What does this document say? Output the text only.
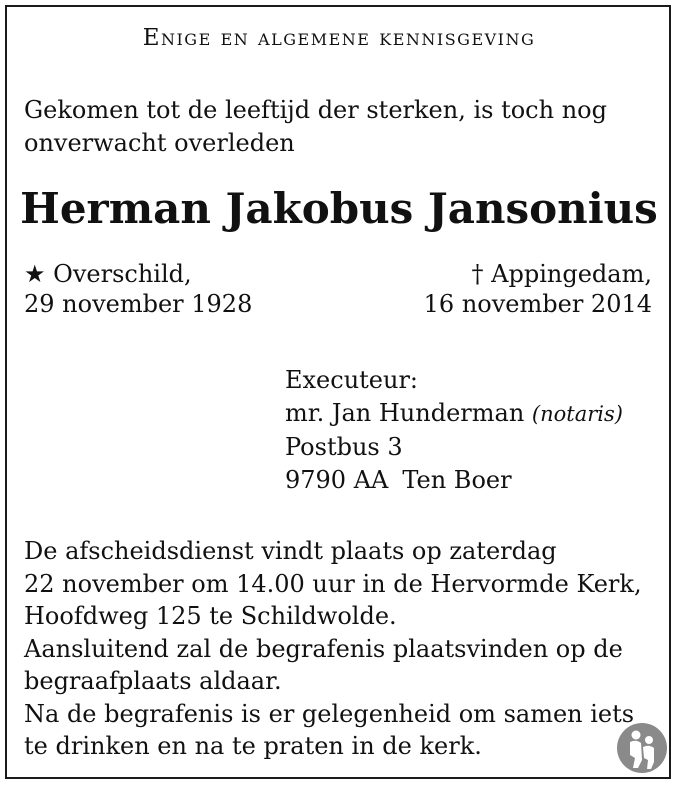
Enige en algemene kennisgeving
Gekomen tot de leeftijd der sterken, is toch nog
onverwacht overleden
Herman Jakobus Jansonius
★ Overschild,
29 november 1928
† Appingedam,
16 november 2014
Executeur:
mr. Jan Hunderman (notaris)
Postbus 3
9790 AA Ten Boer
De afscheidsdienst vindt plaats op zaterdag
22 november om 14.00 uur in de Hervormde Kerk,
Hoofdweg 125 te Schildwolde.
Aansluitend zal de begrafenis plaatsvinden op de
begraafplaats aldaar.
Na de begrafenis is er gelegenheid om samen iets
te drinken en na te praten in de kerk.
